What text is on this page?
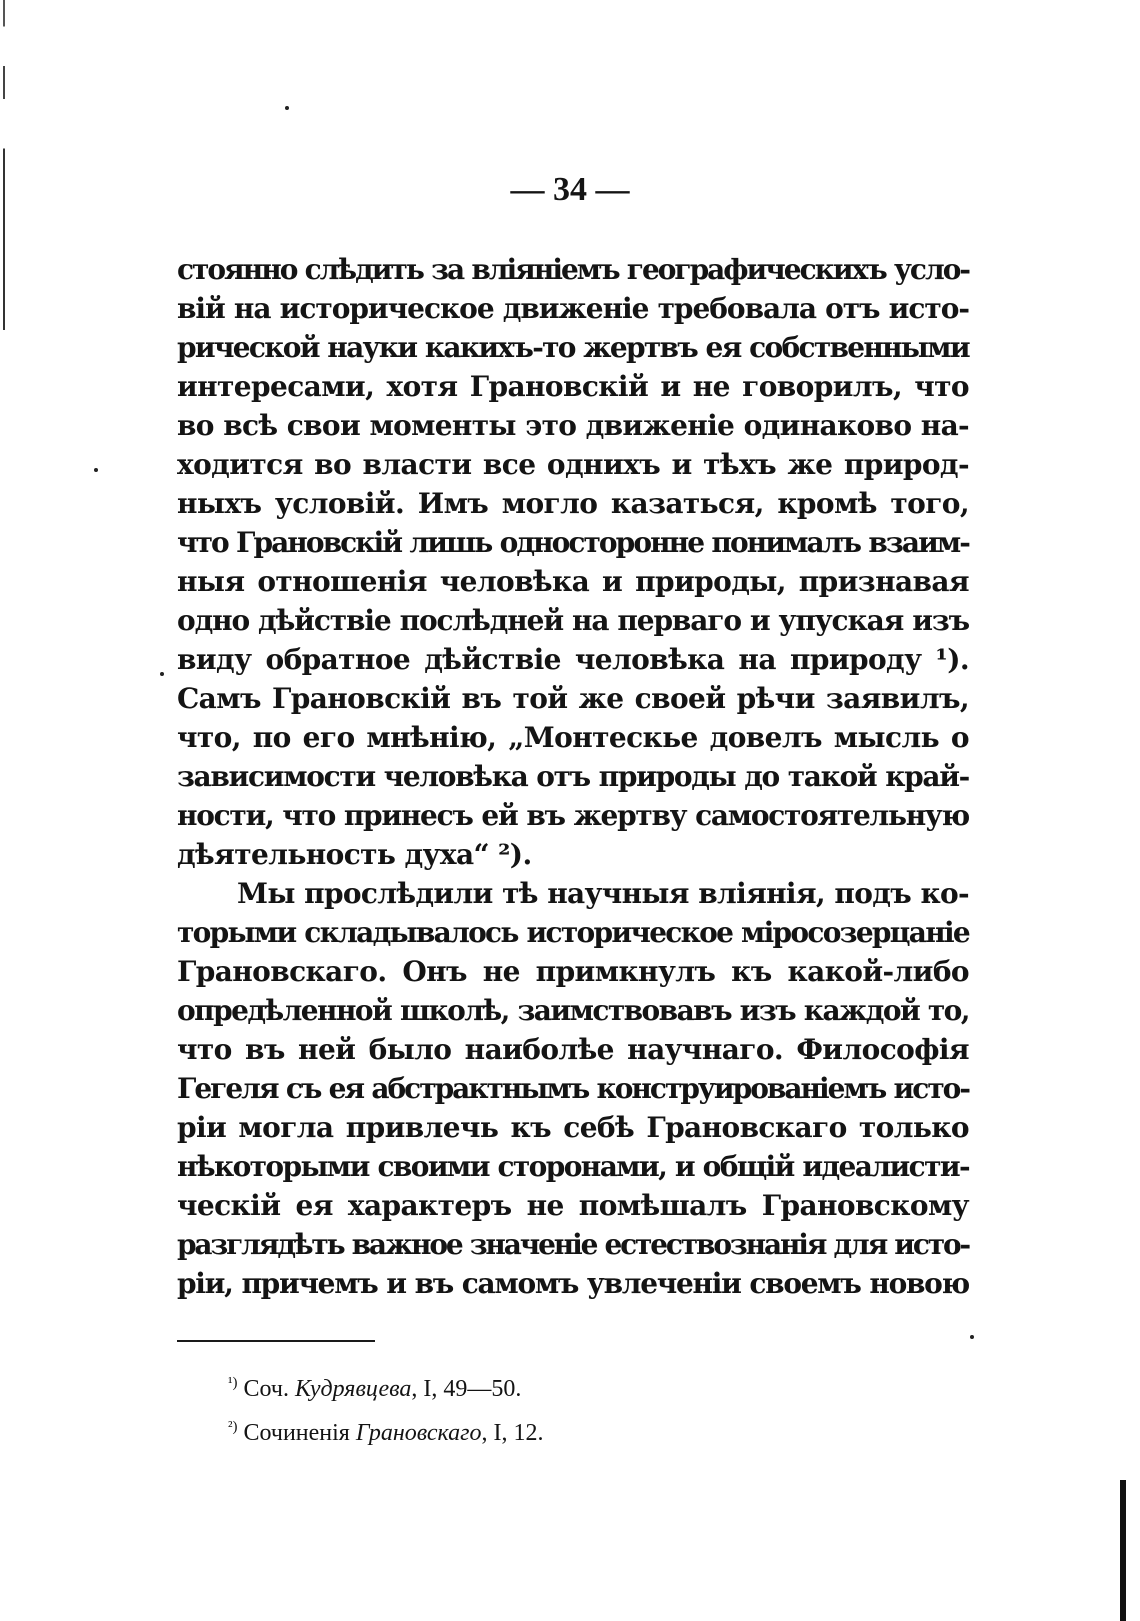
— 34 —
стоянно слѣдить за вліяніемъ географическихъ усло-
вій на историческое движеніе требовала отъ исто-
рической науки какихъ-то жертвъ ея собственными
интересами, хотя Грановскій и не говорилъ, что
во всѣ свои моменты это движеніе одинаково на-
ходится во власти все однихъ и тѣхъ же природ-
ныхъ условій. Имъ могло казаться, кромѣ того,
что Грановскій лишь односторонне понималъ взаим-
ныя отношенія человѣка и природы, признавая
одно дѣйствіе послѣдней на перваго и упуская изъ
виду обратное дѣйствіе человѣка на природу ¹).
Самъ Грановскій въ той же своей рѣчи заявилъ,
что, по его мнѣнію, „Монтескье довелъ мысль о
зависимости человѣка отъ природы до такой край-
ности, что принесъ ей въ жертву самостоятельную
дѣятельность духа“ ²).
Мы прослѣдили тѣ научныя вліянія, подъ ко-
торыми складывалось историческое міросозерцаніе
Грановскаго. Онъ не примкнулъ къ какой-либо
опредѣленной школѣ, заимствовавъ изъ каждой то,
что въ ней было наиболѣе научнаго. Философія
Гегеля съ ея абстрактнымъ конструированіемъ исто-
ріи могла привлечь къ себѣ Грановскаго только
нѣкоторыми своими сторонами, и общій идеалисти-
ческій ея характеръ не помѣшалъ Грановскому
разглядѣть важное значеніе естествознанія для исто-
ріи, причемъ и въ самомъ увлеченіи своемъ новою
$^{^1)}$ Соч. Кудрявцева, I, 49—50.
$^{^2)}$ Сочиненія Грановскаго, I, 12.
